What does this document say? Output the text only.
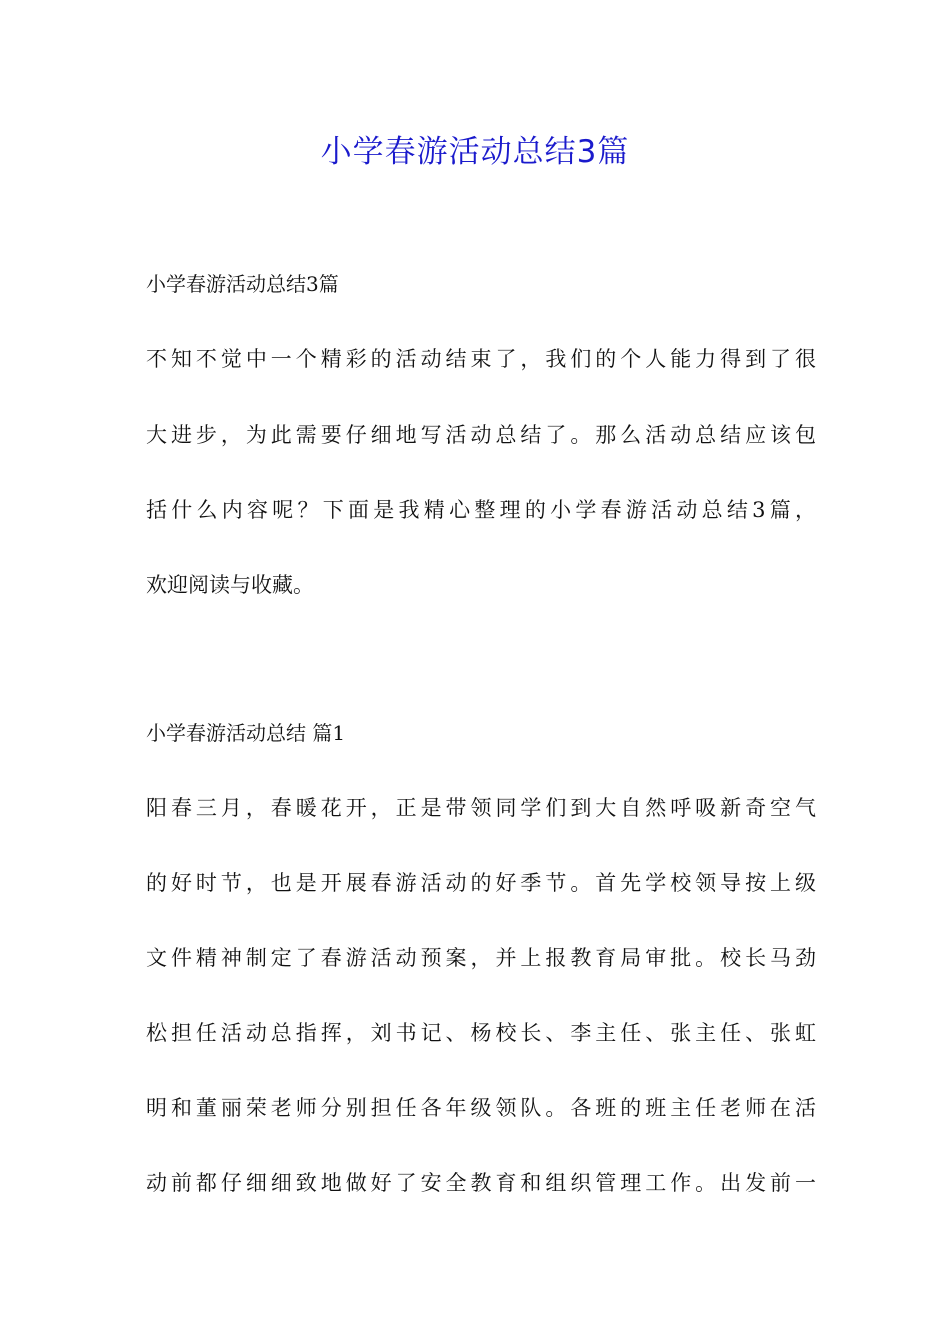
小学春游活动总结3篇

小学春游活动总结3篇

不知不觉中一个精彩的活动结束了，我们的个人能力得到了很

大进步，为此需要仔细地写活动总结了。那么活动总结应该包

括什么内容呢？下面是我精心整理的小学春游活动总结3篇，

欢迎阅读与收藏。

小学春游活动总结 篇1

阳春三月，春暖花开，正是带领同学们到大自然呼吸新奇空气

的好时节，也是开展春游活动的好季节。首先学校领导按上级

文件精神制定了春游活动预案，并上报教育局审批。校长马劲

松担任活动总指挥，刘书记、杨校长、李主任、张主任、张虹

明和董丽荣老师分别担任各年级领队。各班的班主任老师在活

动前都仔细细致地做好了安全教育和组织管理工作。出发前一
